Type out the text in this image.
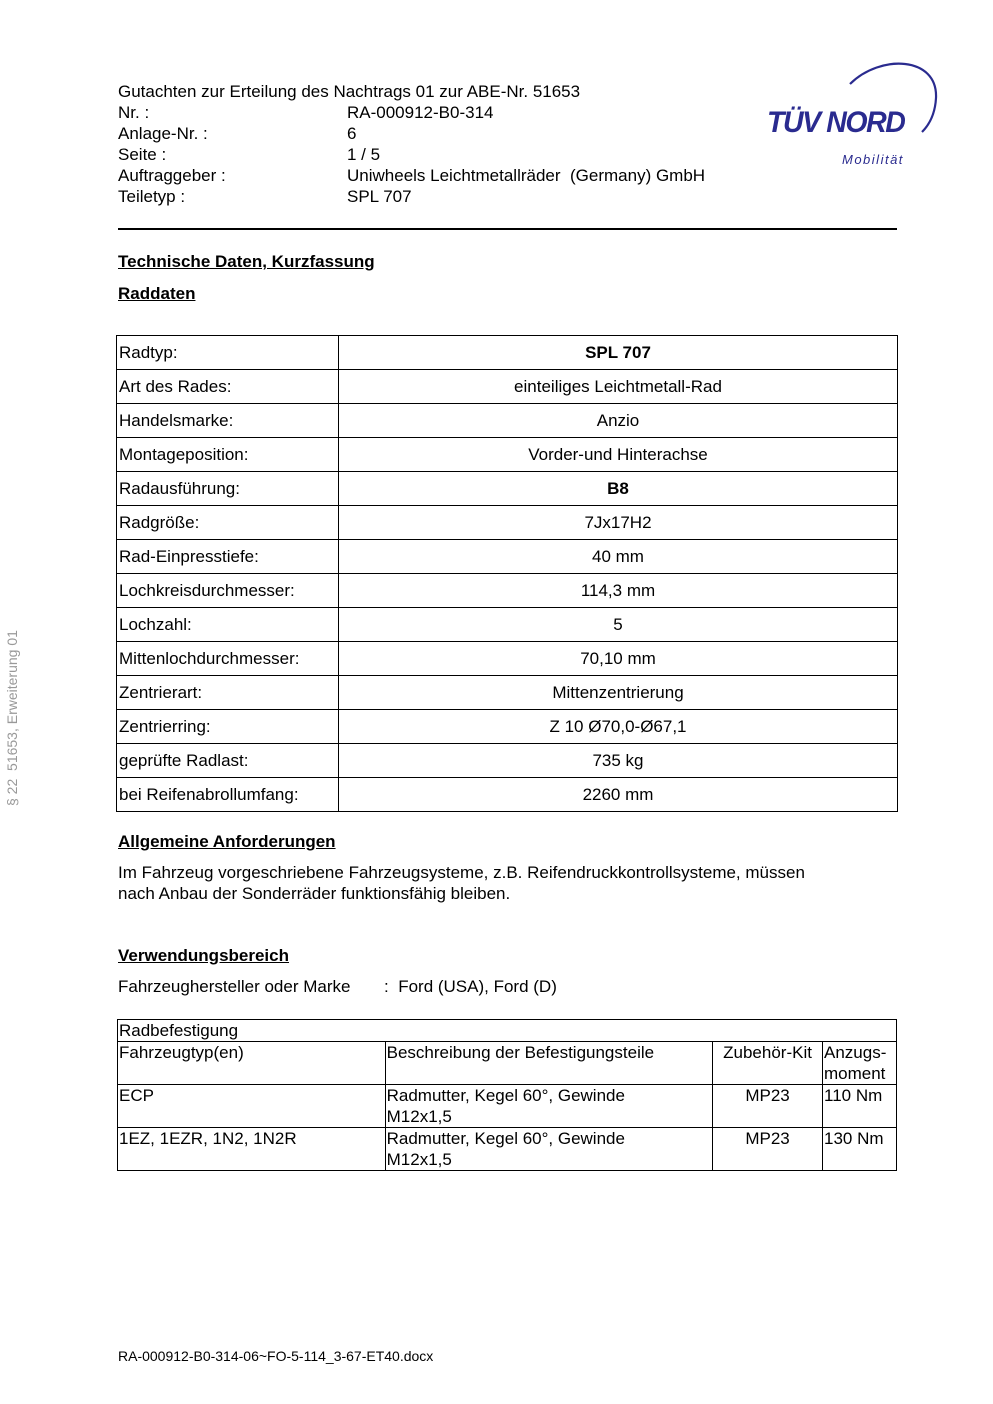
Gutachten zur Erteilung des Nachtrags 01 zur ABE-Nr. 51653
Nr. :	RA-000912-B0-314
Anlage-Nr. :	6
Seite :	1 / 5
Auftraggeber :	Uniwheels Leichtmetallräder  (Germany) GmbH
Teiletyp :	SPL 707
TÜV NORD
Mobilität
Technische Daten, Kurzfassung
Raddaten
Radtyp:	SPL 707
Art des Rades:	einteiliges Leichtmetall-Rad
Handelsmarke:	Anzio
Montageposition:	Vorder-und Hinterachse
Radausführung:	B8
Radgröße:	7Jx17H2
Rad-Einpresstiefe:	40 mm
Lochkreisdurchmesser:	114,3 mm
Lochzahl:	5
Mittenlochdurchmesser:	70,10 mm
Zentrierart:	Mittenzentrierung
Zentrierring:	Z 10 Ø70,0-Ø67,1
geprüfte Radlast:	735 kg
bei Reifenabrollumfang:	2260 mm
Allgemeine Anforderungen
Im Fahrzeug vorgeschriebene Fahrzeugsysteme, z.B. Reifendruckkontrollsysteme, müssen
nach Anbau der Sonderräder funktionsfähig bleiben.
Verwendungsbereich
Fahrzeughersteller oder Marke : Ford (USA), Ford (D)
Radbefestigung			
Fahrzeugtyp(en)	Beschreibung der Befestigungsteile	Zubehör-Kit	Anzugs-
moment

ECP	Radmutter, Kegel 60°, Gewinde
M12x1,5	MP23	110 Nm
1EZ, 1EZR, 1N2, 1N2R	Radmutter, Kegel 60°, Gewinde
M12x1,5	MP23	130 Nm
§ 22  51653, Erweiterung 01
RA-000912-B0-314-06~FO-5-114_3-67-ET40.docx
